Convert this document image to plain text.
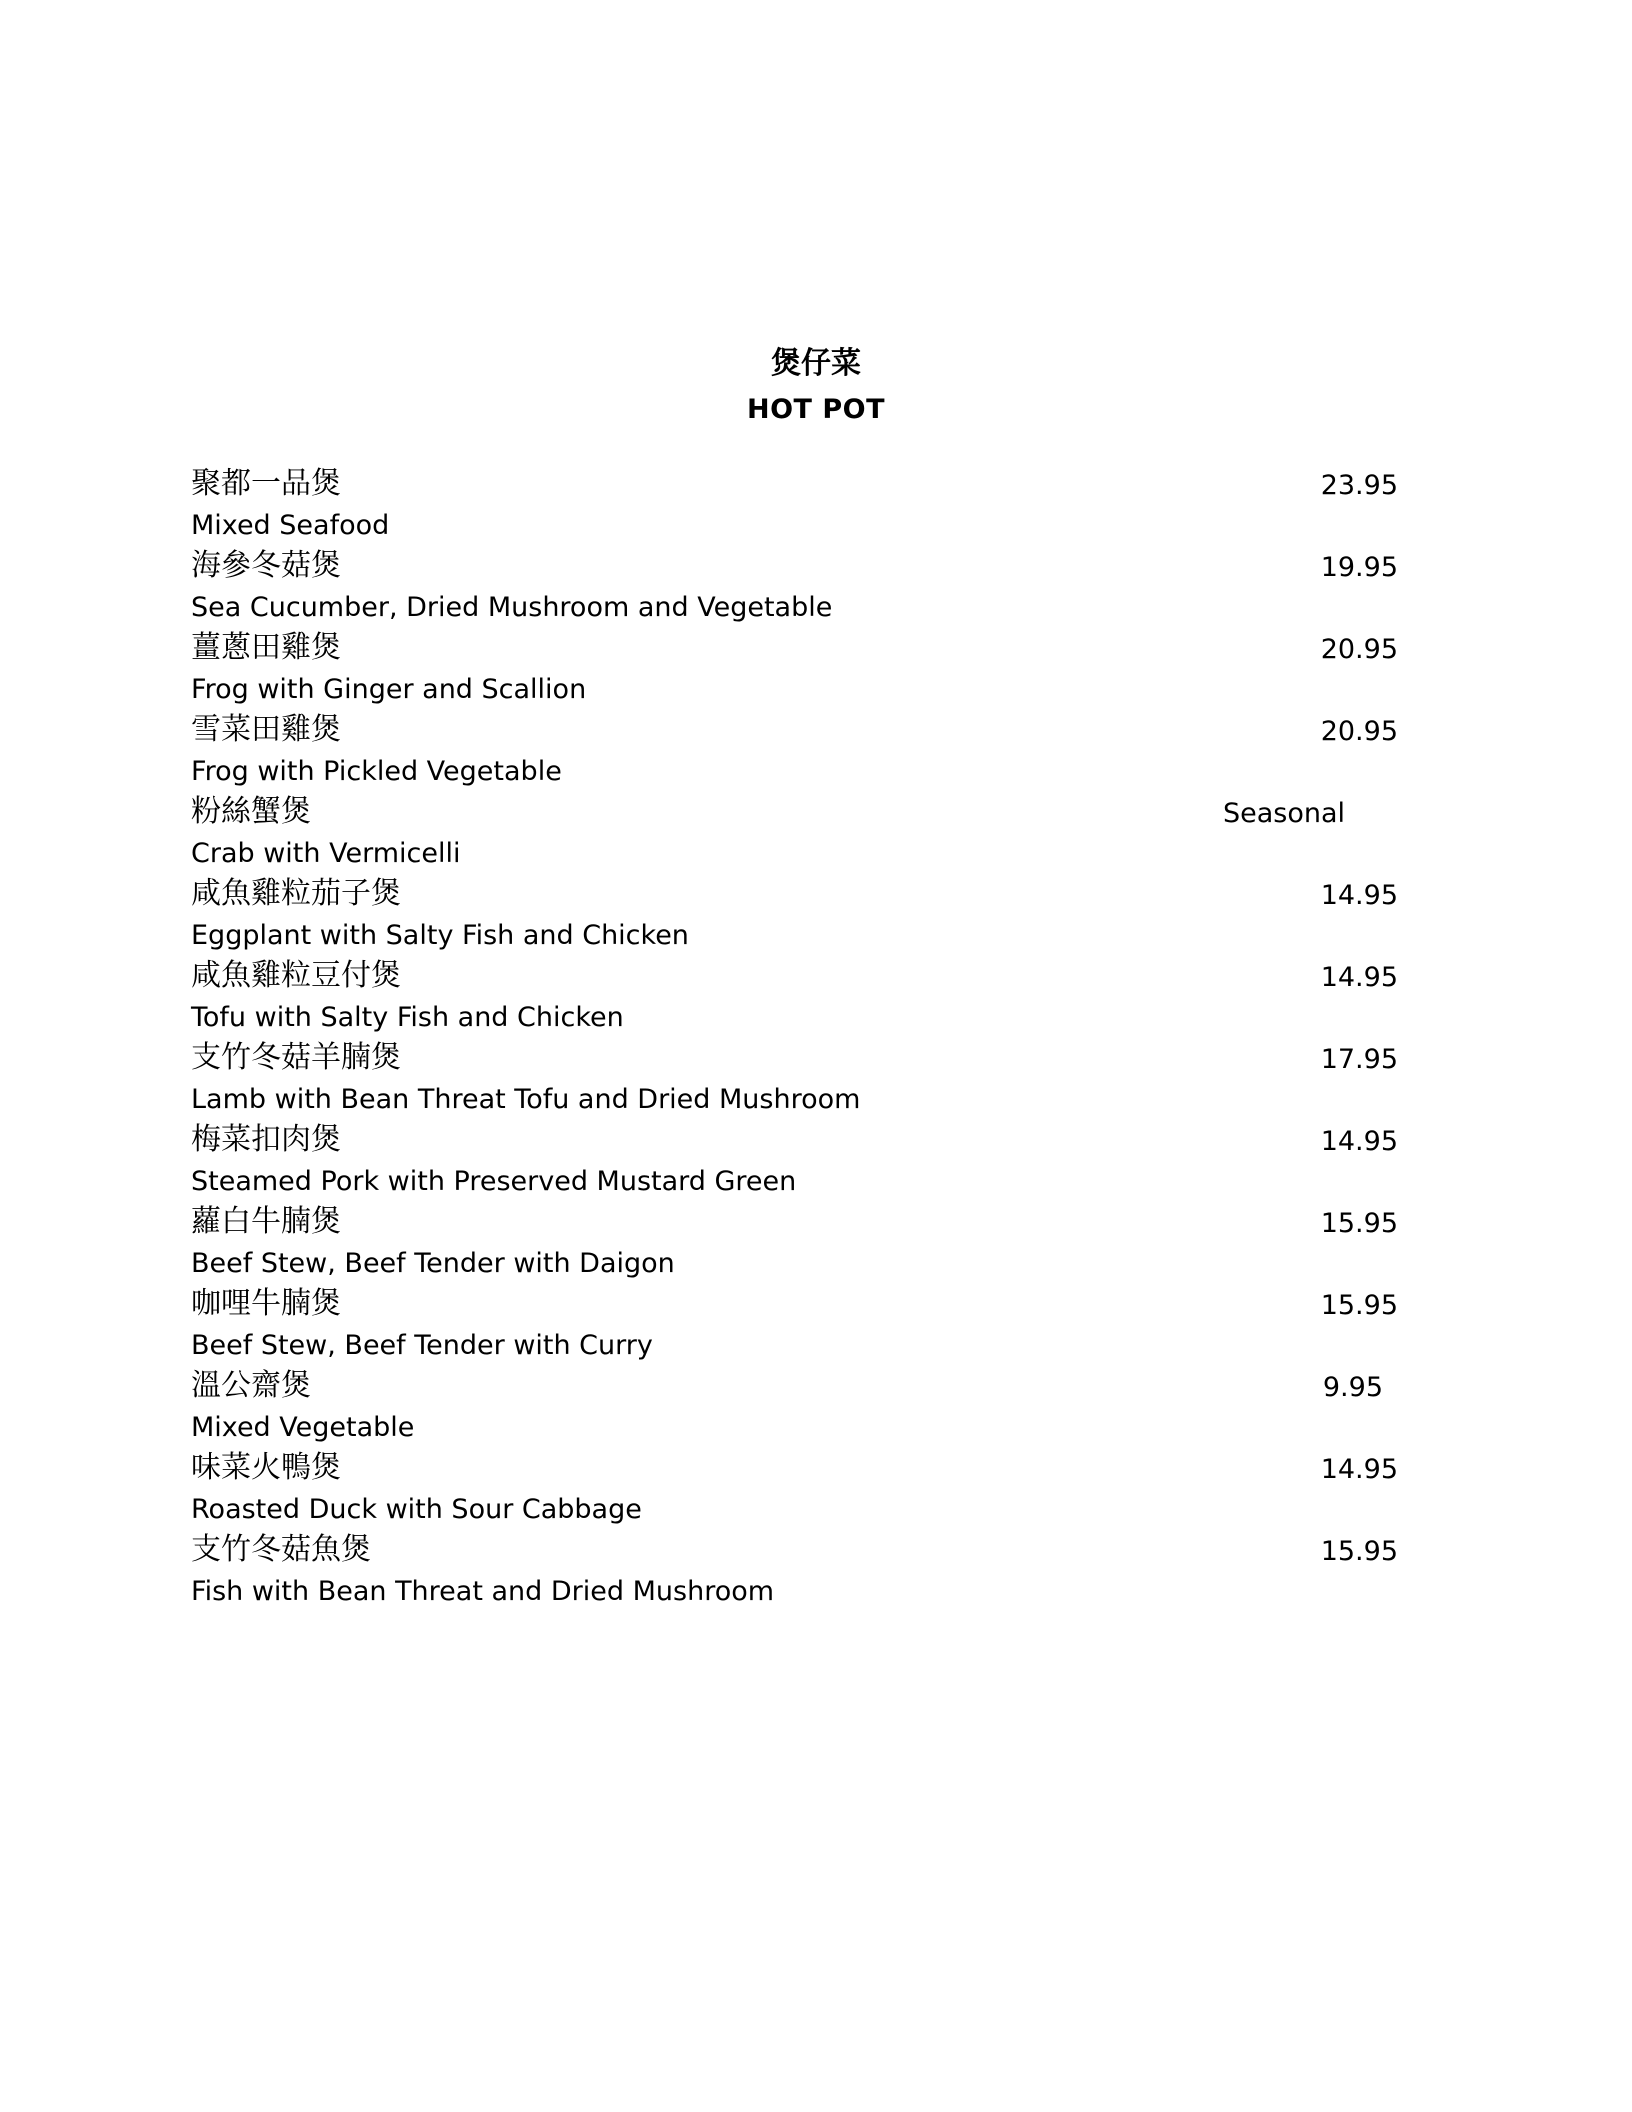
煲仔菜
HOT POT
聚都一品煲
Mixed Seafood
23.95
海參冬菇煲
Sea Cucumber, Dried Mushroom and Vegetable
19.95
薑蔥田雞煲
Frog with Ginger and Scallion
20.95
雪菜田雞煲
Frog with Pickled Vegetable
20.95
粉絲蟹煲
Crab with Vermicelli
Seasonal
咸魚雞粒茄子煲
Eggplant with Salty Fish and Chicken
14.95
咸魚雞粒豆付煲
Tofu with Salty Fish and Chicken
14.95
支竹冬菇羊腩煲
Lamb with Bean Threat Tofu and Dried Mushroom
17.95
梅菜扣肉煲
Steamed Pork with Preserved Mustard Green
14.95
蘿白牛腩煲
Beef Stew, Beef Tender with Daigon
15.95
咖哩牛腩煲
Beef Stew, Beef Tender with Curry
15.95
溫公齋煲
Mixed Vegetable
9.95
味菜火鴨煲
Roasted Duck with Sour Cabbage
14.95
支竹冬菇魚煲
Fish with Bean Threat and Dried Mushroom
15.95
